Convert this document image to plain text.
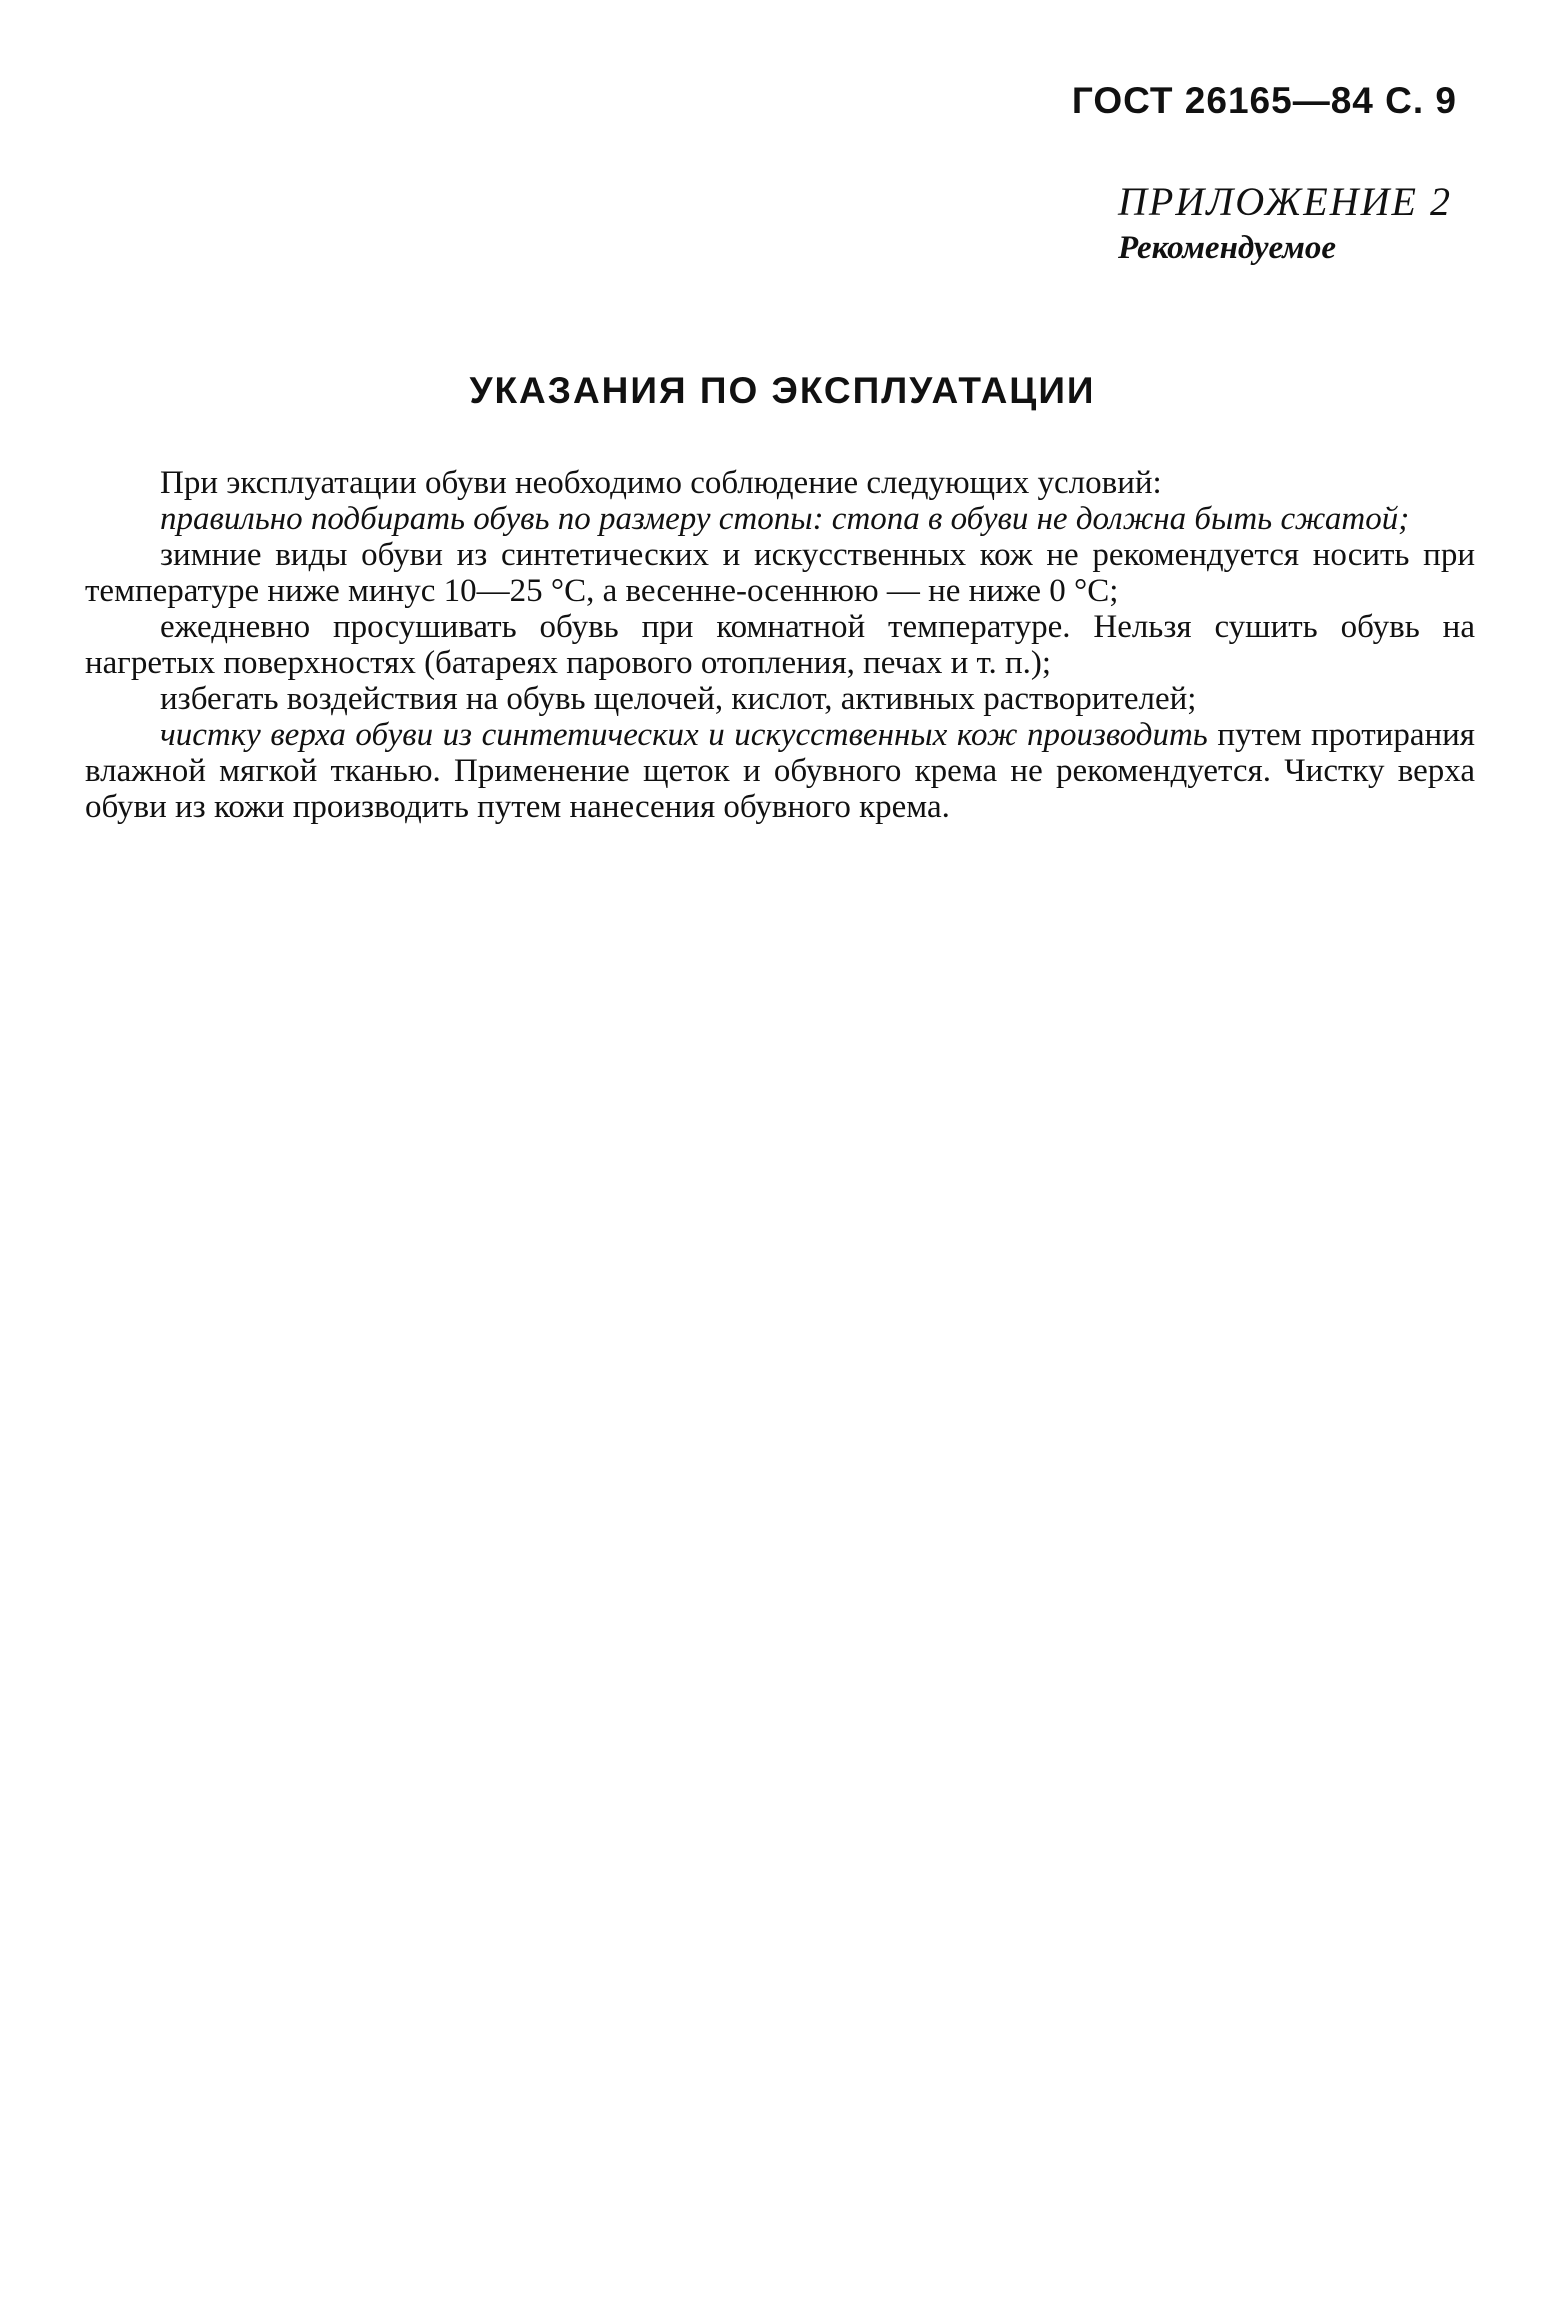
ГОСТ 26165—84 С. 9
ПРИЛОЖЕНИЕ 2
Рекомендуемое
УКАЗАНИЯ ПО ЭКСПЛУАТАЦИИ

При эксплуатации обуви необходимо соблюдение следующих условий:

правильно подбирать обувь по размеру стопы: стопа в обуви не должна быть сжатой;

зимние виды обуви из синтетических и искусственных кож не рекомендуется носить при температуре ниже минус 10—25 °С, а весенне-осеннюю — не ниже 0 °С;

ежедневно просушивать обувь при комнатной температуре. Нельзя сушить обувь на нагретых поверхностях (батареях парового отопления, печах и т. п.);

избегать воздействия на обувь щелочей, кислот, активных растворителей;

чистку верха обуви из синтетических и искусственных кож производить путем протирания влажной мягкой тканью. Применение щеток и обувного крема не рекомендуется. Чистку верха обуви из кожи производить путем нанесения обувного крема.
